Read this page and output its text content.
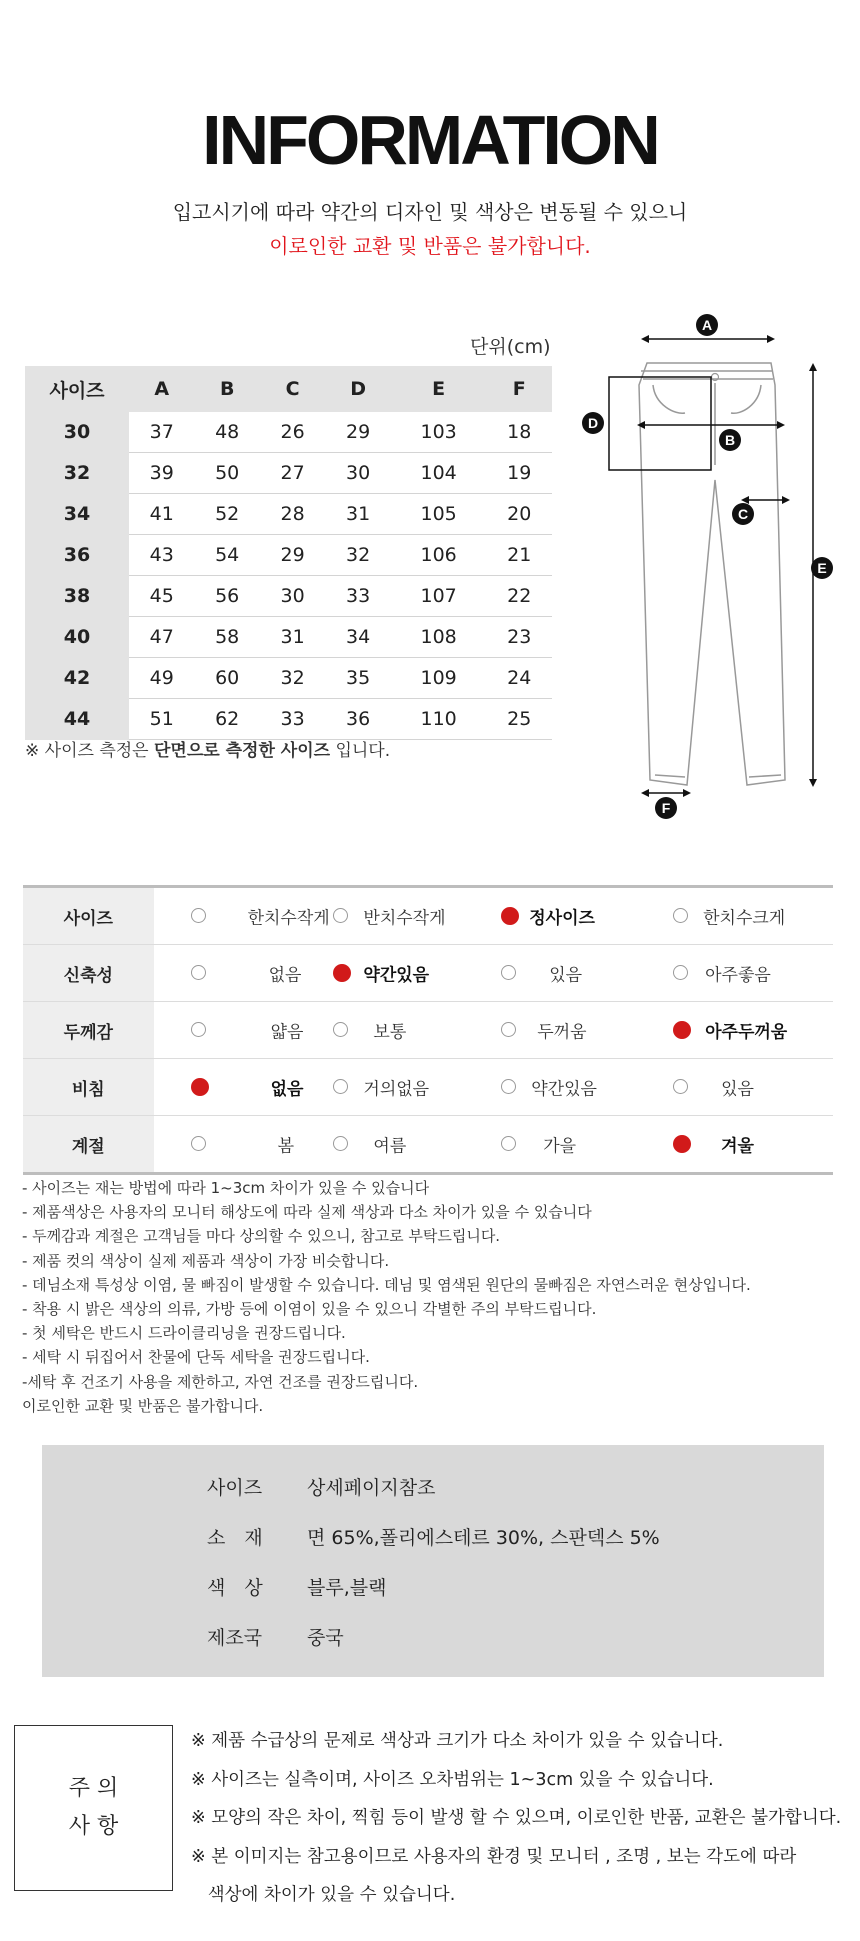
INFORMATION
입고시기에 따라 약간의 디자인 및 색상은 변동될 수 있으니
이로인한 교환 및 반품은 불가합니다.
단위(cm)
사이즈	A	B	C	D	E	F
30	37	48	26	29	103	18
32	39	50	27	30	104	19
34	41	52	28	31	105	20
36	43	54	29	32	106	21
38	45	56	30	33	107	22
40	47	58	31	34	108	23
42	49	60	32	35	109	24
44	51	62	33	36	110	25
※ 사이즈 측정은 단면으로 측정한 사이즈 입니다.
A
B
C
D
E
F
사이즈	한치수작게	반치수작게	정사이즈	한치수크게

신축성	없음	약간있음	있음	아주좋음

두께감	얇음	보통	두꺼움	아주두꺼움

비침	없음	거의없음	약간있음	있음

계절	봄	여름	가을	겨울
- 사이즈는 재는 방법에 따라 1~3cm 차이가 있을 수 있습니다
- 제품색상은 사용자의 모니터 해상도에 따라 실제 색상과 다소 차이가 있을 수 있습니다
- 두께감과 계절은 고객님들 마다 상의할 수 있으니, 참고로 부탁드립니다.
- 제품 컷의 색상이 실제 제품과 색상이 가장 비슷합니다.
- 데님소재 특성상 이염, 물 빠짐이 발생할 수 있습니다. 데님 및 염색된 원단의 물빠짐은 자연스러운 현상입니다.
- 착용 시 밝은 색상의 의류, 가방 등에 이염이 있을 수 있으니 각별한 주의 부탁드립니다.
- 첫 세탁은 반드시 드라이클리닝을 권장드립니다.
- 세탁 시 뒤집어서 찬물에 단독 세탁을 권장드립니다.
-세탁 후 건조기 사용을 제한하고, 자연 건조를 권장드립니다.
이로인한 교환 및 반품은 불가합니다.
사이즈 상세페이지참조
소　재 면 65%,폴리에스테르 30%, 스판덱스 5%
색　상 블루,블랙
제조국 중국
주 의
사 항
※ 제품 수급상의 문제로 색상과 크기가 다소 차이가 있을 수 있습니다.
※ 사이즈는 실측이며, 사이즈 오차범위는 1~3cm 있을 수 있습니다.
※ 모양의 작은 차이, 찍힘 등이 발생 할 수 있으며, 이로인한 반품, 교환은 불가합니다.
※ 본 이미지는 참고용이므로 사용자의 환경 및 모니터 , 조명 , 보는 각도에 따라
색상에 차이가 있을 수 있습니다.
